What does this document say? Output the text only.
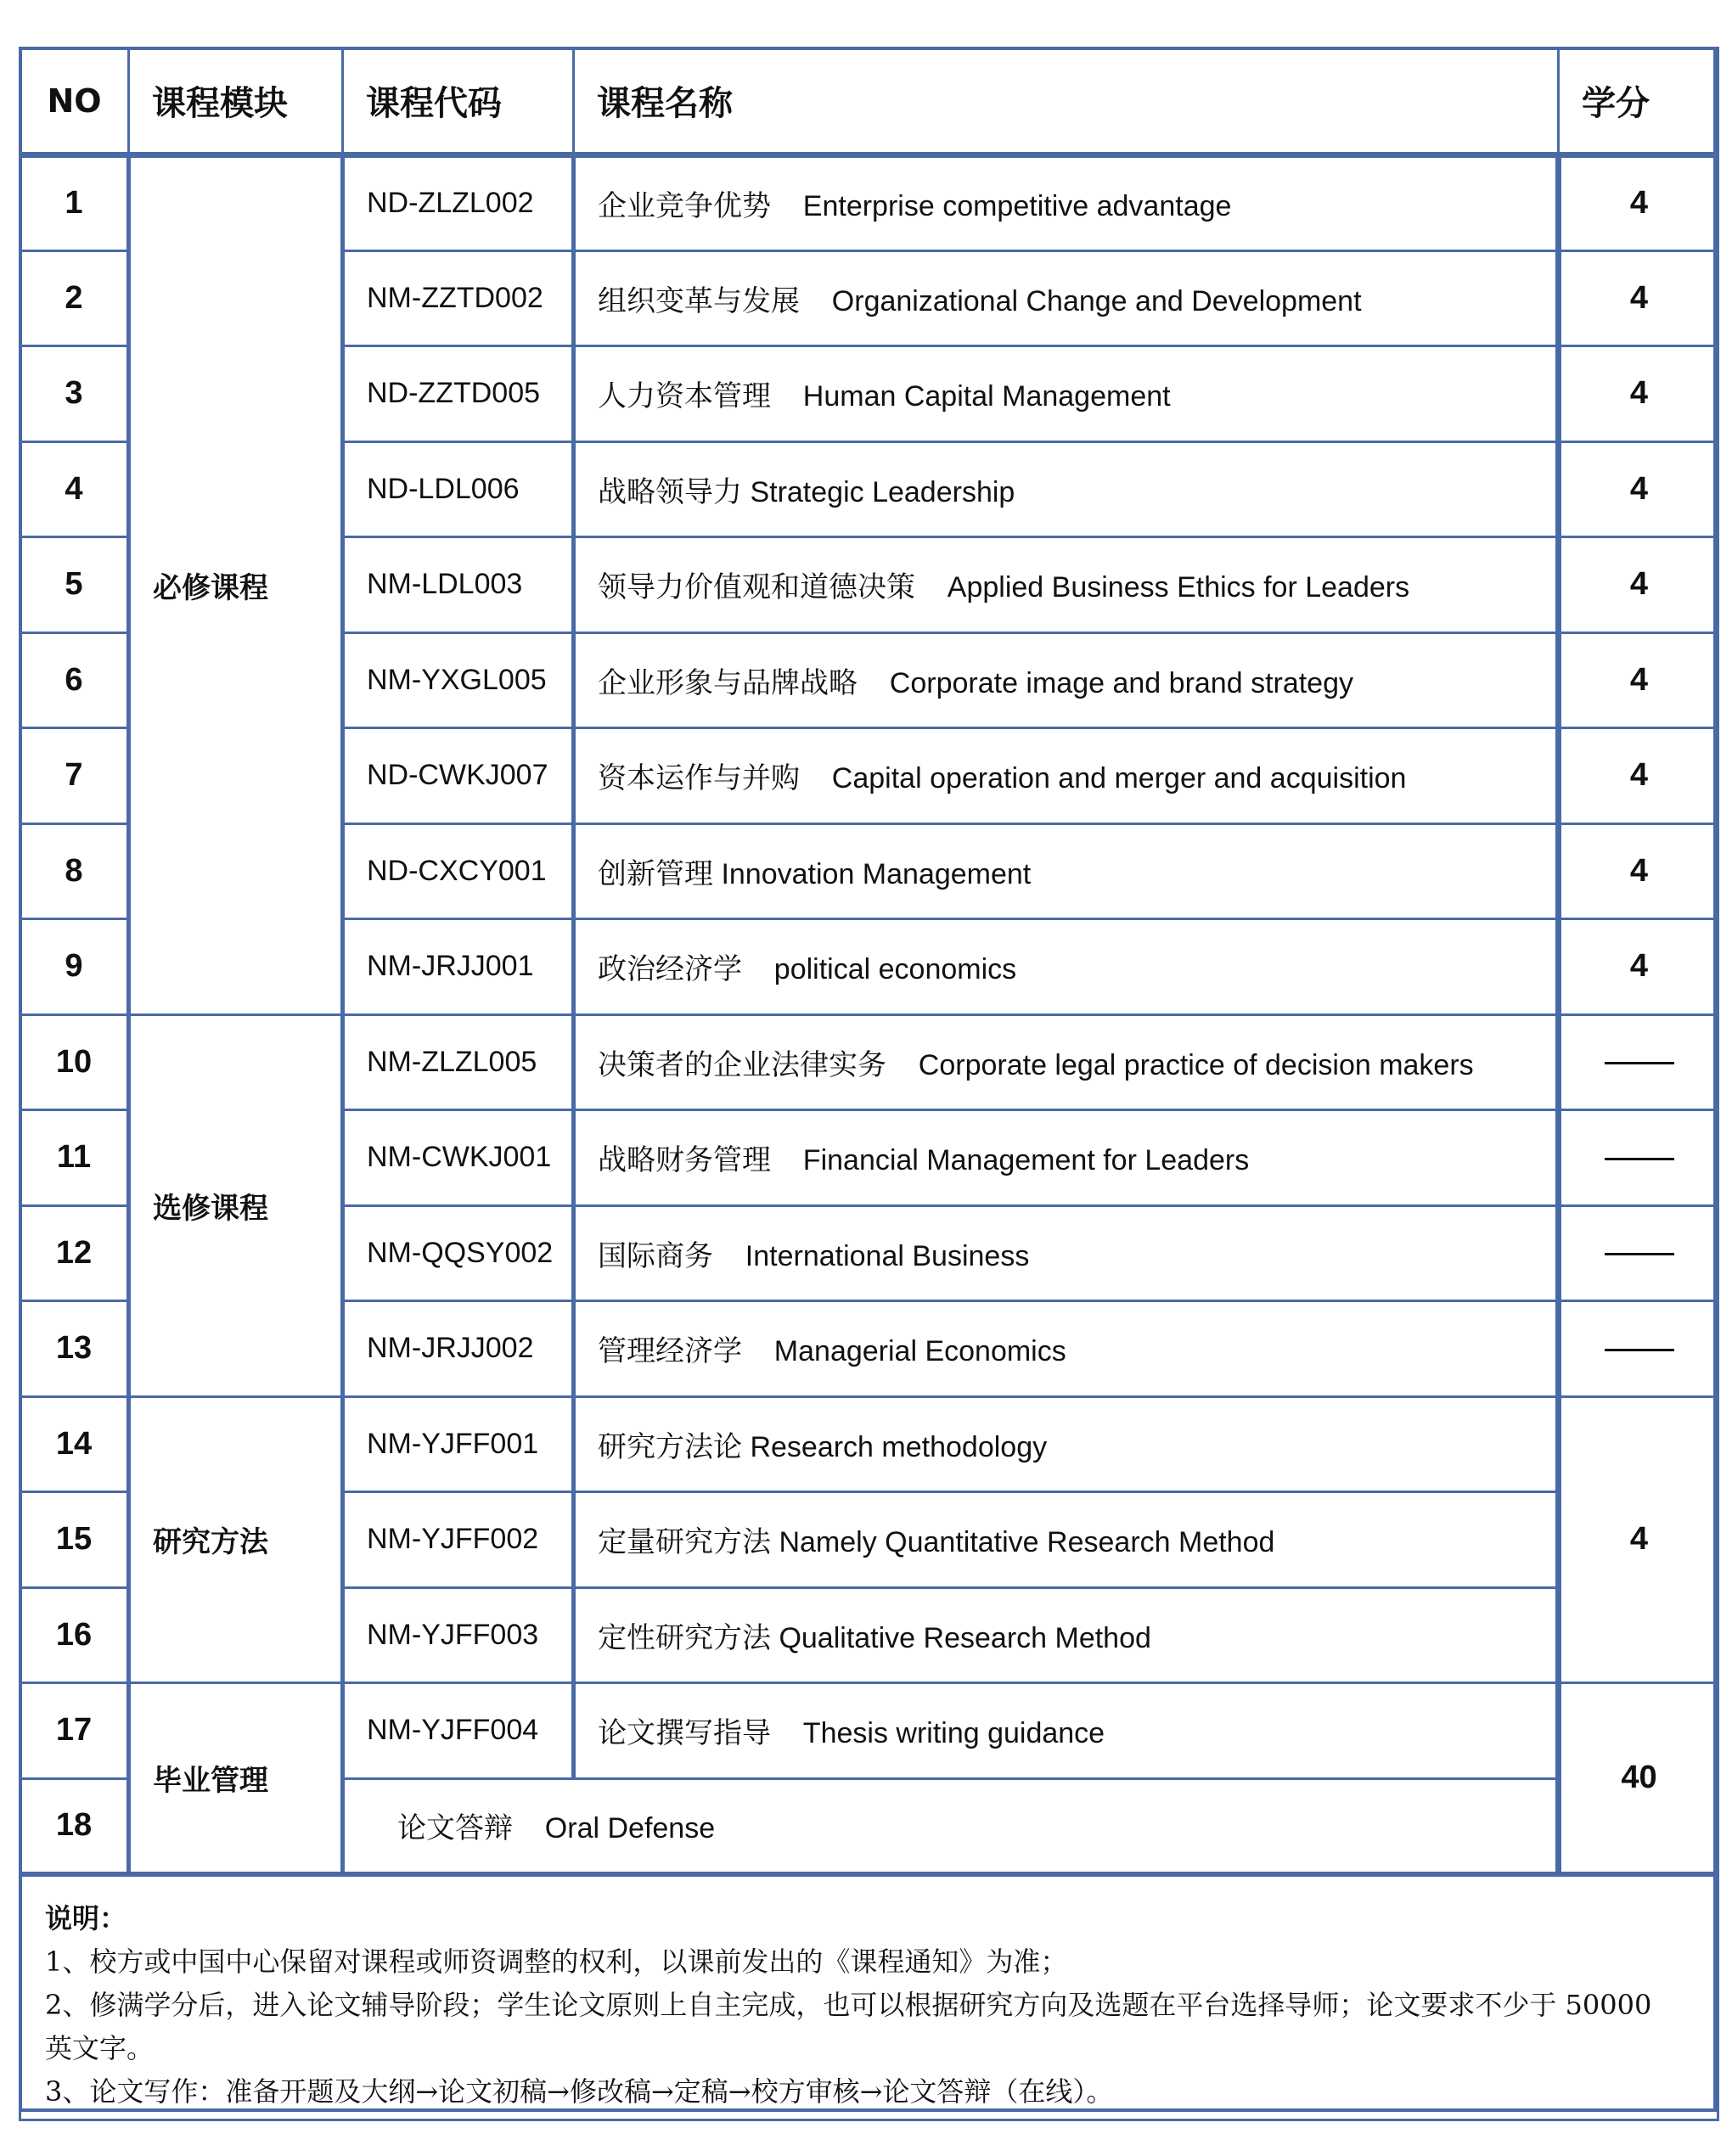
NO	课程模块	课程代码	课程名称	学分
1	必修课程	ND-ZLZL002	企业竞争优势 Enterprise competitive advantage	4
2		NM-ZZTD002	组织变革与发展 Organizational Change and Development	4
3		ND-ZZTD005	人力资本管理 Human Capital Management	4
4		ND-LDL006	战略领导力 Strategic Leadership	4
5		NM-LDL003	领导力价值观和道德决策 Applied Business Ethics for Leaders	4
6		NM-YXGL005	企业形象与品牌战略 Corporate image and brand strategy	4
7		ND-CWKJ007	资本运作与并购 Capital operation and merger and acquisition	4
8		ND-CXCY001	创新管理 Innovation Management	4
9		NM-JRJJ001	政治经济学 political economics	4
10	选修课程	NM-ZLZL005	决策者的企业法律实务 Corporate legal practice of decision makers	
11		NM-CWKJ001	战略财务管理 Financial Management for Leaders	
12		NM-QQSY002	国际商务 International Business	
13		NM-JRJJ002	管理经济学 Managerial Economics	
14	研究方法	NM-YJFF001	研究方法论 Research methodology	4
15		NM-YJFF002	定量研究方法 Namely Quantitative Research Method	
16		NM-YJFF003	定性研究方法 Qualitative Research Method	
17	毕业管理	NM-YJFF004	论文撰写指导 Thesis writing guidance	40
18		论文答辩 Oral Defense		

说明：

1、校方或中国中心保留对课程或师资调整的权利，以课前发出的《课程通知》为准；

2、修满学分后，进入论文辅导阶段；学生论文原则上自主完成，也可以根据研究方向及选题在平台选择导师；论文要求不少于 50000

英文字。

3、论文写作：准备开题及大纲→论文初稿→修改稿→定稿→校方审核→论文答辩（在线）。				
